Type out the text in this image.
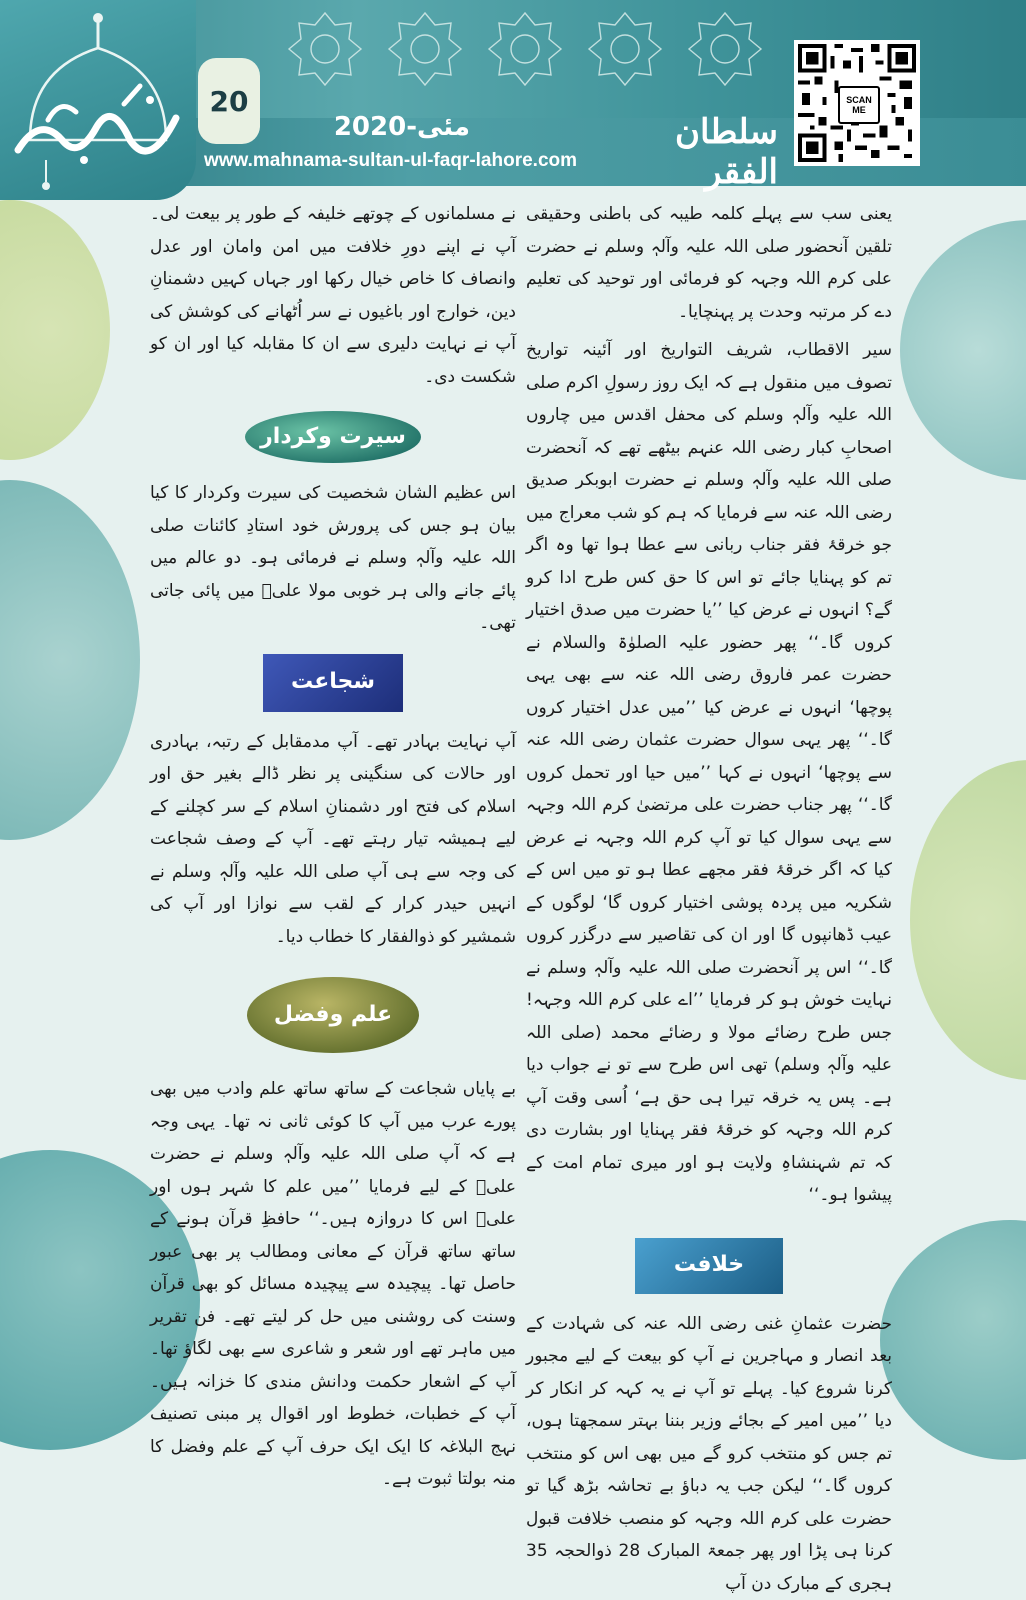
20
مئی-2020
www.mahnama-sultan-ul-faqr-lahore.com
سلطان الفقر
SCAN
ME

یعنی سب سے پہلے کلمہ طیبہ کی باطنی وحقیقی تلقین آنحضور صلی اللہ علیہ وآلہٖ وسلم نے حضرت علی کرم اللہ وجہہ کو فرمائی اور توحید کی تعلیم دے کر مرتبہ وحدت پر پہنچایا۔

سیر الاقطاب، شریف التواریخ اور آئینہ تواریخ تصوف میں منقول ہے کہ ایک روز رسولِ اکرم صلی اللہ علیہ وآلہٖ وسلم کی محفل اقدس میں چاروں اصحابِ کبار رضی اللہ عنہم بیٹھے تھے کہ آنحضرت صلی اللہ علیہ وآلہٖ وسلم نے حضرت ابوبکر صدیق رضی اللہ عنہ سے فرمایا کہ ہم کو شب معراج میں جو خرقۂ فقر جناب ربانی سے عطا ہوا تھا وہ اگر تم کو پہنایا جائے تو اس کا حق کس طرح ادا کرو گے؟ انہوں نے عرض کیا ’’یا حضرت میں صدق اختیار کروں گا۔‘‘ پھر حضور علیہ الصلوٰۃ والسلام نے حضرت عمر فاروق رضی اللہ عنہ سے بھی یہی پوچھا‘ انہوں نے عرض کیا ’’میں عدل اختیار کروں گا۔‘‘ پھر یہی سوال حضرت عثمان رضی اللہ عنہ سے پوچھا‘ انہوں نے کہا ’’میں حیا اور تحمل کروں گا۔‘‘ پھر جناب حضرت علی مرتضیٰ کرم اللہ وجہہ سے یہی سوال کیا تو آپ کرم اللہ وجہہ نے عرض کیا کہ اگر خرقۂ فقر مجھے عطا ہو تو میں اس کے شکریہ میں پردہ پوشی اختیار کروں گا‘ لوگوں کے عیب ڈھانپوں گا اور ان کی تقاصیر سے درگزر کروں گا۔‘‘ اس پر آنحضرت صلی اللہ علیہ وآلہٖ وسلم نے نہایت خوش ہو کر فرمایا ’’اے علی کرم اللہ وجہہ! جس طرح رضائے مولا و رضائے محمد (صلی اللہ علیہ وآلہٖ وسلم) تھی اس طرح سے تو نے جواب دیا ہے۔ پس یہ خرقہ تیرا ہی حق ہے‘ اُسی وقت آپ کرم اللہ وجہہ کو خرقۂ فقر پہنایا اور بشارت دی کہ تم شہنشاہِ ولایت ہو اور میری تمام امت کے پیشوا ہو۔‘‘

خلافت

حضرت عثمانِ غنی رضی اللہ عنہ کی شہادت کے بعد انصار و مہاجرین نے آپ کو بیعت کے لیے مجبور کرنا شروع کیا۔ پہلے تو آپ نے یہ کہہ کر انکار کر دیا ’’میں امیر کے بجائے وزیر بننا بہتر سمجھتا ہوں، تم جس کو منتخب کرو گے میں بھی اس کو منتخب کروں گا۔‘‘ لیکن جب یہ دباؤ بے تحاشہ بڑھ گیا تو حضرت علی کرم اللہ وجہہ کو منصب خلافت قبول کرنا ہی پڑا اور پھر جمعۃ المبارک 28 ذوالحجہ 35 ہجری کے مبارک دن آپ

نے مسلمانوں کے چوتھے خلیفہ کے طور پر بیعت لی۔ آپ نے اپنے دورِ خلافت میں امن وامان اور عدل وانصاف کا خاص خیال رکھا اور جہاں کہیں دشمنانِ دین، خوارج اور باغیوں نے سر اُٹھانے کی کوشش کی آپ نے نہایت دلیری سے ان کا مقابلہ کیا اور ان کو شکست دی۔

سیرت وکردار

اس عظیم الشان شخصیت کی سیرت وکردار کا کیا بیان ہو جس کی پرورش خود استادِ کائنات صلی اللہ علیہ وآلہٖ وسلم نے فرمائی ہو۔ دو عالم میں پائے جانے والی ہر خوبی مولا علیؓ میں پائی جاتی تھی۔

شجاعت

آپ نہایت بہادر تھے۔ آپ مدمقابل کے رتبہ، بہادری اور حالات کی سنگینی پر نظر ڈالے بغیر حق اور اسلام کی فتح اور دشمنانِ اسلام کے سر کچلنے کے لیے ہمیشہ تیار رہتے تھے۔ آپ کے وصف شجاعت کی وجہ سے ہی آپ صلی اللہ علیہ وآلہٖ وسلم نے انہیں حیدر کرار کے لقب سے نوازا اور آپ کی شمشیر کو ذوالفقار کا خطاب دیا۔

علم وفضل

بے پایاں شجاعت کے ساتھ ساتھ علم وادب میں بھی پورے عرب میں آپ کا کوئی ثانی نہ تھا۔ یہی وجہ ہے کہ آپ صلی اللہ علیہ وآلہٖ وسلم نے حضرت علیؓ کے لیے فرمایا ’’میں علم کا شہر ہوں اور علیؓ اس کا دروازہ ہیں۔‘‘ حافظِ قرآن ہونے کے ساتھ ساتھ قرآن کے معانی ومطالب پر بھی عبور حاصل تھا۔ پیچیدہ سے پیچیدہ مسائل کو بھی قرآن وسنت کی روشنی میں حل کر لیتے تھے۔ فن تقریر میں ماہر تھے اور شعر و شاعری سے بھی لگاؤ تھا۔ آپ کے اشعار حکمت ودانش مندی کا خزانہ ہیں۔ آپ کے خطبات، خطوط اور اقوال پر مبنی تصنیف نہج البلاغہ کا ایک ایک حرف آپ کے علم وفضل کا منہ بولتا ثبوت ہے۔
